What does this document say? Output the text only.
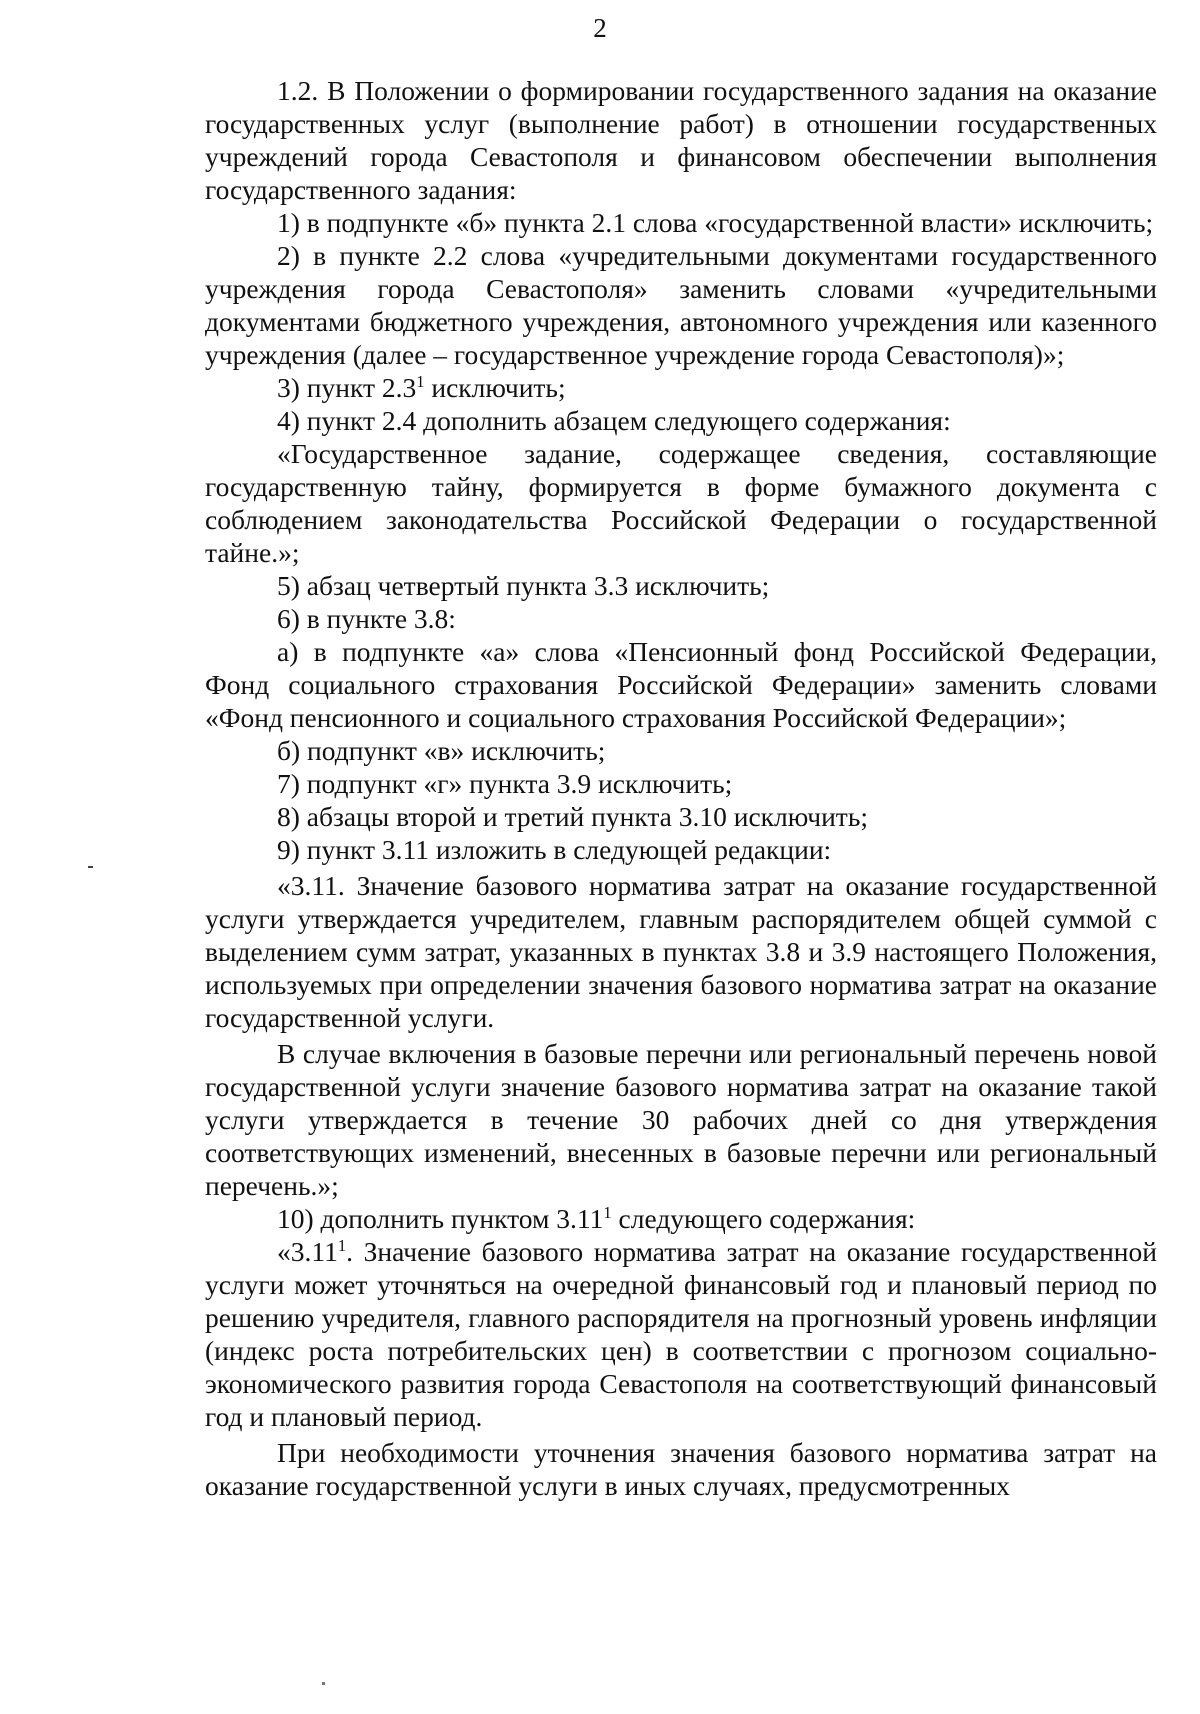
2

1.2. В Положении о формировании государственного задания на оказание государственных услуг (выполнение работ) в отношении государственных учреждений города Севастополя и финансовом обеспечении выполнения государственного задания:

1) в подпункте «б» пункта 2.1 слова «государственной власти» исключить;

2) в пункте 2.2 слова «учредительными документами государственного учреждения города Севастополя» заменить словами «учредительными документами бюджетного учреждения, автономного учреждения или казенного учреждения (далее – государственное учреждение города Севастополя)»;

3) пункт $2.3^1$ исключить;

4) пункт 2.4 дополнить абзацем следующего содержания:

«Государственное задание, содержащее сведения, составляющие государственную тайну, формируется в форме бумажного документа с соблюдением законодательства Российской Федерации о государственной тайне.»;

5) абзац четвертый пункта 3.3 исключить;

6) в пункте 3.8:

а) в подпункте «а» слова «Пенсионный фонд Российской Федерации, Фонд социального страхования Российской Федерации» заменить словами «Фонд пенсионного и социального страхования Российской Федерации»;

б) подпункт «в» исключить;

7) подпункт «г» пункта 3.9 исключить;

8) абзацы второй и третий пункта 3.10 исключить;

9) пункт 3.11 изложить в следующей редакции:

«3.11. Значение базового норматива затрат на оказание государственной услуги утверждается учредителем, главным распорядителем общей суммой с выделением сумм затрат, указанных в пунктах 3.8 и 3.9 настоящего Положения, используемых при определении значения базового норматива затрат на оказание государственной услуги.

В случае включения в базовые перечни или региональный перечень новой государственной услуги значение базового норматива затрат на оказание такой услуги утверждается в течение 30 рабочих дней со дня утверждения соответствующих изменений, внесенных в базовые перечни или региональный перечень.»;

10) дополнить пунктом 3.11$^1$ следующего содержания:

«3.11$^1$. Значение базового норматива затрат на оказание государственной услуги может уточняться на очередной финансовый год и плановый период по решению учредителя, главного распорядителя на прогнозный уровень инфляции (индекс роста потребительских цен) в соответствии с прогнозом социально-экономического развития города Севастополя на соответствующий финансовый год и плановый период.

При необходимости уточнения значения базового норматива затрат на оказание государственной услуги в иных случаях, предусмотренных
